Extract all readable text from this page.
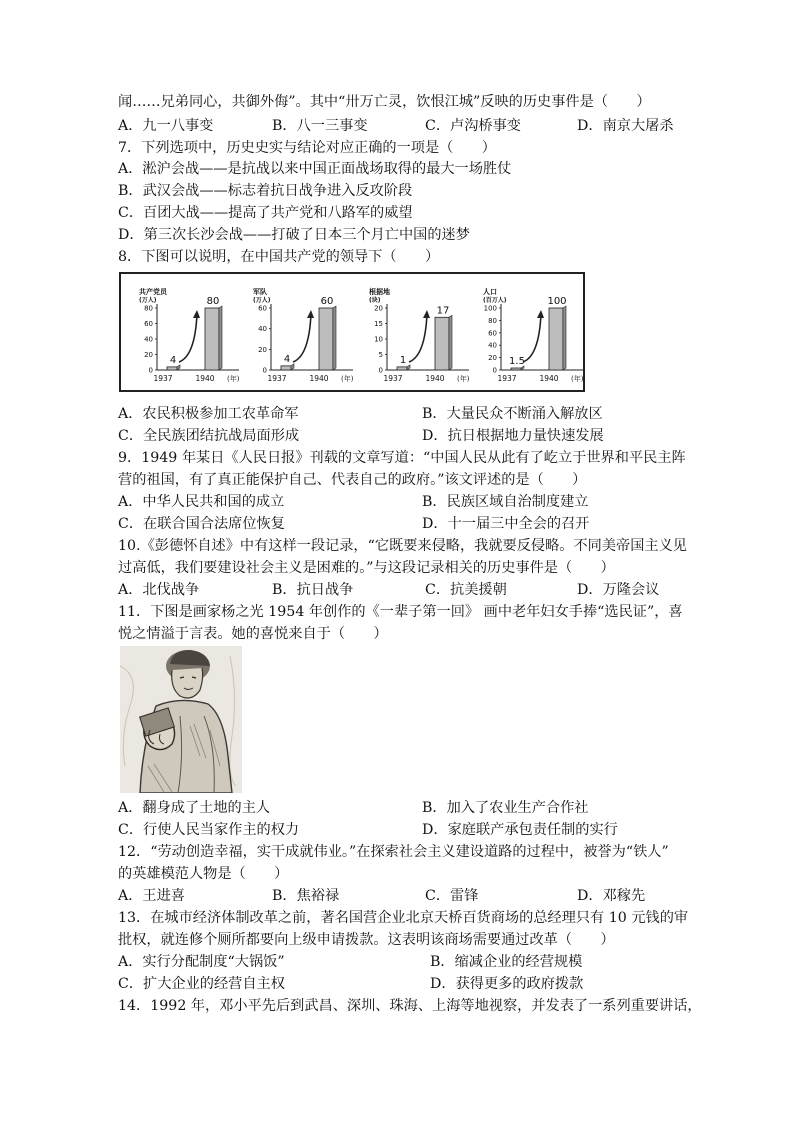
闻……兄弟同心，共御外侮”。其中“卅万亡灵，饮恨江城”反映的历史事件是（　　）
A．九一八事变	B．八一三事变	C．卢沟桥事变	D．南京大屠杀
7．下列选项中，历史史实与结论对应正确的一项是（　　）
A．淞沪会战——是抗战以来中国正面战场取得的最大一场胜仗
B．武汉会战——标志着抗日战争进入反攻阶段
C．百团大战——提高了共产党和八路军的威望
D．第三次长沙会战——打破了日本三个月亡中国的迷梦
8．下图可以说明，在中国共产党的领导下（　　）
共产党员
(万人)
80
60
40
20
0
4
80
1937	1940 (年)
军队
(万人)
60
40
20
0
4
60
1937	1940 (年)
根据地
(块)
20
15
10
5
0
1
17
1937	1940 (年)
人口
(百万人)
100
80
60
40
20
0
1.5
100
1937	1940 (年)
A．农民积极参加工农革命军	B．大量民众不断涌入解放区
C．全民族团结抗战局面形成	D．抗日根据地力量快速发展
9．1949 年某日《人民日报》刊载的文章写道：“中国人民从此有了屹立于世界和平民主阵
营的祖国，有了真正能保护自己、代表自己的政府。”该文评述的是（　　）
A．中华人民共和国的成立	B．民族区域自治制度建立
C．在联合国合法席位恢复	D．十一届三中全会的召开
10.《彭德怀自述》中有这样一段记录，“它既要来侵略，我就要反侵略。不同美帝国主义见
过高低，我们要建设社会主义是困难的。”与这段记录相关的历史事件是（　　）
A．北伐战争	B．抗日战争	C．抗美援朝	D．万隆会议
11．下图是画家杨之光 1954 年创作的《一辈子第一回》 画中老年妇女手捧“选民证”，喜
悦之情溢于言表。她的喜悦来自于（　　）
A．翻身成了土地的主人	B．加入了农业生产合作社
C．行使人民当家作主的权力	D．家庭联产承包责任制的实行
12．“劳动创造幸福，实干成就伟业。”在探索社会主义建设道路的过程中，被誉为“铁人”
的英雄模范人物是（　　）
A．王进喜	B．焦裕禄	C．雷锋	D．邓稼先
13．在城市经济体制改革之前，著名国营企业北京天桥百货商场的总经理只有 10 元钱的审
批权，就连修个厕所都要向上级申请拨款。这表明该商场需要通过改革（　　）
A．实行分配制度“大锅饭”	B．缩减企业的经营规模
C．扩大企业的经营自主权	D．获得更多的政府拨款
14．1992 年，邓小平先后到武昌、深圳、珠海、上海等地视察，并发表了一系列重要讲话，
